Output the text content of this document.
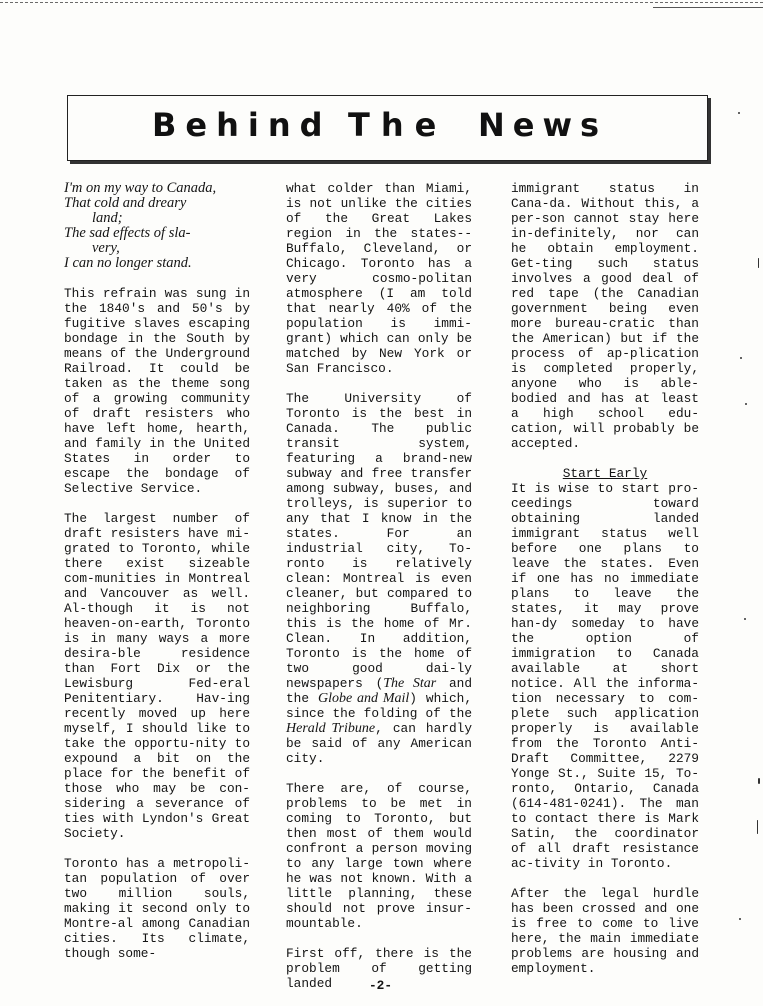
Behind The News
I'm on my way to Canada,
That cold and dreary
land;
The sad effects of sla-
very,
I can no longer stand.

This refrain was sung in the 1840's and 50's by fugitive slaves escaping bondage in the South by means of the Underground Railroad. It could be taken as the theme song of a growing community of draft resisters who have left home, hearth, and family in the United States in order to escape the bondage of Selective Service.

The largest number of draft resisters have mi-grated to Toronto, while there exist sizeable com-munities in Montreal and Vancouver as well. Al-though it is not heaven-on-earth, Toronto is in many ways a more desira-ble residence than Fort Dix or the Lewisburg Fed-eral Penitentiary. Hav-ing recently moved up here myself, I should like to take the opportu-nity to expound a bit on the place for the benefit of those who may be con-sidering a severance of ties with Lyndon's Great Society.

Toronto has a metropoli-tan population of over two million souls, making it second only to Montre-al among Canadian cities. Its climate, though some-

what colder than Miami, is not unlike the cities of the Great Lakes region in the states--Buffalo, Cleveland, or Chicago. Toronto has a very cosmo-politan atmosphere (I am told that nearly 40% of the population is immi-grant) which can only be matched by New York or San Francisco.

The University of Toronto is the best in Canada. The public transit system, featuring a brand-new subway and free transfer among subway, buses, and trolleys, is superior to any that I know in the states. For an industrial city, To-ronto is relatively clean: Montreal is even cleaner, but compared to neighboring Buffalo, this is the home of Mr. Clean. In addition, Toronto is the home of two good dai-ly newspapers (The Star and the Globe and Mail) which, since the folding of the Herald Tribune, can hardly be said of any American city.

There are, of course, problems to be met in coming to Toronto, but then most of them would confront a person moving to any large town where he was not known. With a little planning, these should not prove insur-mountable.

First off, there is the problem of getting landed

immigrant status in Cana-da. Without this, a per-son cannot stay here in-definitely, nor can he obtain employment. Get-ting such status involves a good deal of red tape (the Canadian government being even more bureau-cratic than the American) but if the process of ap-plication is completed properly, anyone who is able-bodied and has at least a high school edu-cation, will probably be accepted.

Start Early

It is wise to start pro-ceedings toward obtaining landed immigrant status well before one plans to leave the states. Even if one has no immediate plans to leave the states, it may prove han-dy someday to have the option of immigration to Canada available at short notice. All the informa-tion necessary to com-plete such application properly is available from the Toronto Anti-Draft Committee, 2279 Yonge St., Suite 15, To-ronto, Ontario, Canada (614-481-0241). The man to contact there is Mark Satin, the coordinator of all draft resistance ac-tivity in Toronto.

After the legal hurdle has been crossed and one is free to come to live here, the main immediate problems are housing and employment.

-2-
